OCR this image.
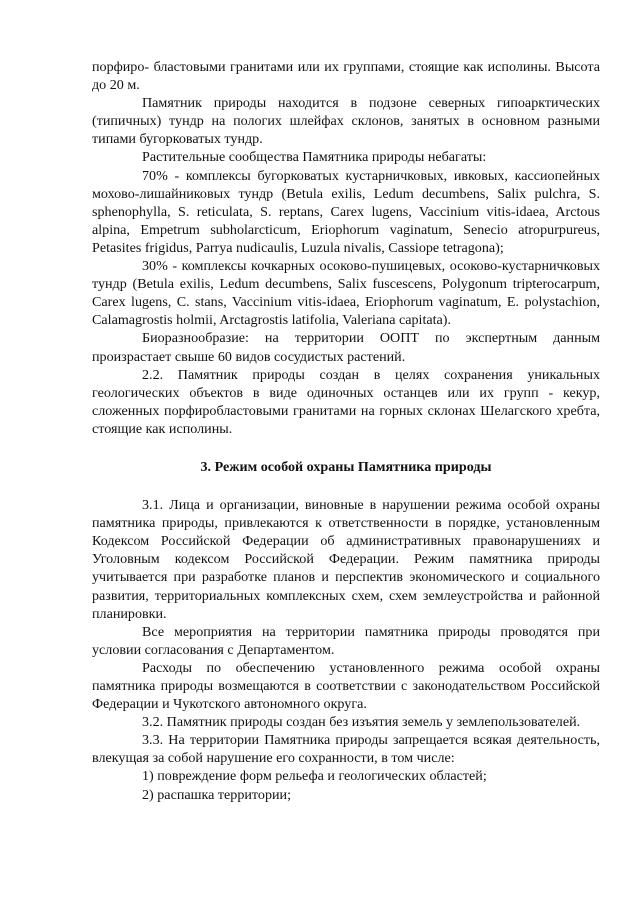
порфиро- бластовыми гранитами или их группами, стоящие как исполины. Высота до 20 м.

Памятник природы находится в подзоне северных гипоарктических (типичных) тундр на пологих шлейфах склонов, занятых в основном разными типами бугорковатых тундр.

Растительные сообщества Памятника природы небагаты:

70% - комплексы бугорковатых кустарничковых, ивковых, кассиопейных мохово-лишайниковых тундр (Betula exilis, Ledum decumbens, Salix pulchra, S. sphenophylla, S. reticulata, S. reptans, Carex lugens, Vaccinium vitis-idaea, Arctous alpina, Empetrum subholarcticum, Eriophorum vaginatum, Senecio atropurpureus, Petasites frigidus, Parrya nudicaulis, Luzula nivalis, Cassiope tetragona);

30% - комплексы кочкарных осоково-пушицевых, осоково-кустарничковых тундр (Betula exilis, Ledum decumbens, Salix fuscescens, Polygonum tripterocarpum, Carex lugens, C. stans, Vaccinium vitis-idaea, Eriophorum vaginatum, E. polystachion, Calamagrostis holmii, Arctagrostis latifolia, Valeriana capitata).

Биоразнообразие: на территории ООПТ по экспертным данным произрастает свыше 60 видов сосудистых растений.

2.2. Памятник природы создан в целях сохранения уникальных геологических объектов в виде одиночных останцев или их групп - кекур, сложенных порфиробластовыми гранитами на горных склонах Шелагского хребта, стоящие как исполины.

3. Режим особой охраны Памятника природы

3.1. Лица и организации, виновные в нарушении режима особой охраны памятника природы, привлекаются к ответственности в порядке, установленным Кодексом Российской Федерации об административных правонарушениях и Уголовным кодексом Российской Федерации. Режим памятника природы учитывается при разработке планов и перспектив экономического и социального развития, территориальных комплексных схем, схем землеустройства и районной планировки.

Все мероприятия на территории памятника природы проводятся при условии согласования с Департаментом.

Расходы по обеспечению установленного режима особой охраны памятника природы возмещаются в соответствии с законодательством Российской Федерации и Чукотского автономного округа.

3.2. Памятник природы создан без изъятия земель у землепользователей.

3.3. На территории Памятника природы запрещается всякая деятельность, влекущая за собой нарушение его сохранности, в том числе:

1) повреждение форм рельефа и геологических областей;

2) распашка территории;
